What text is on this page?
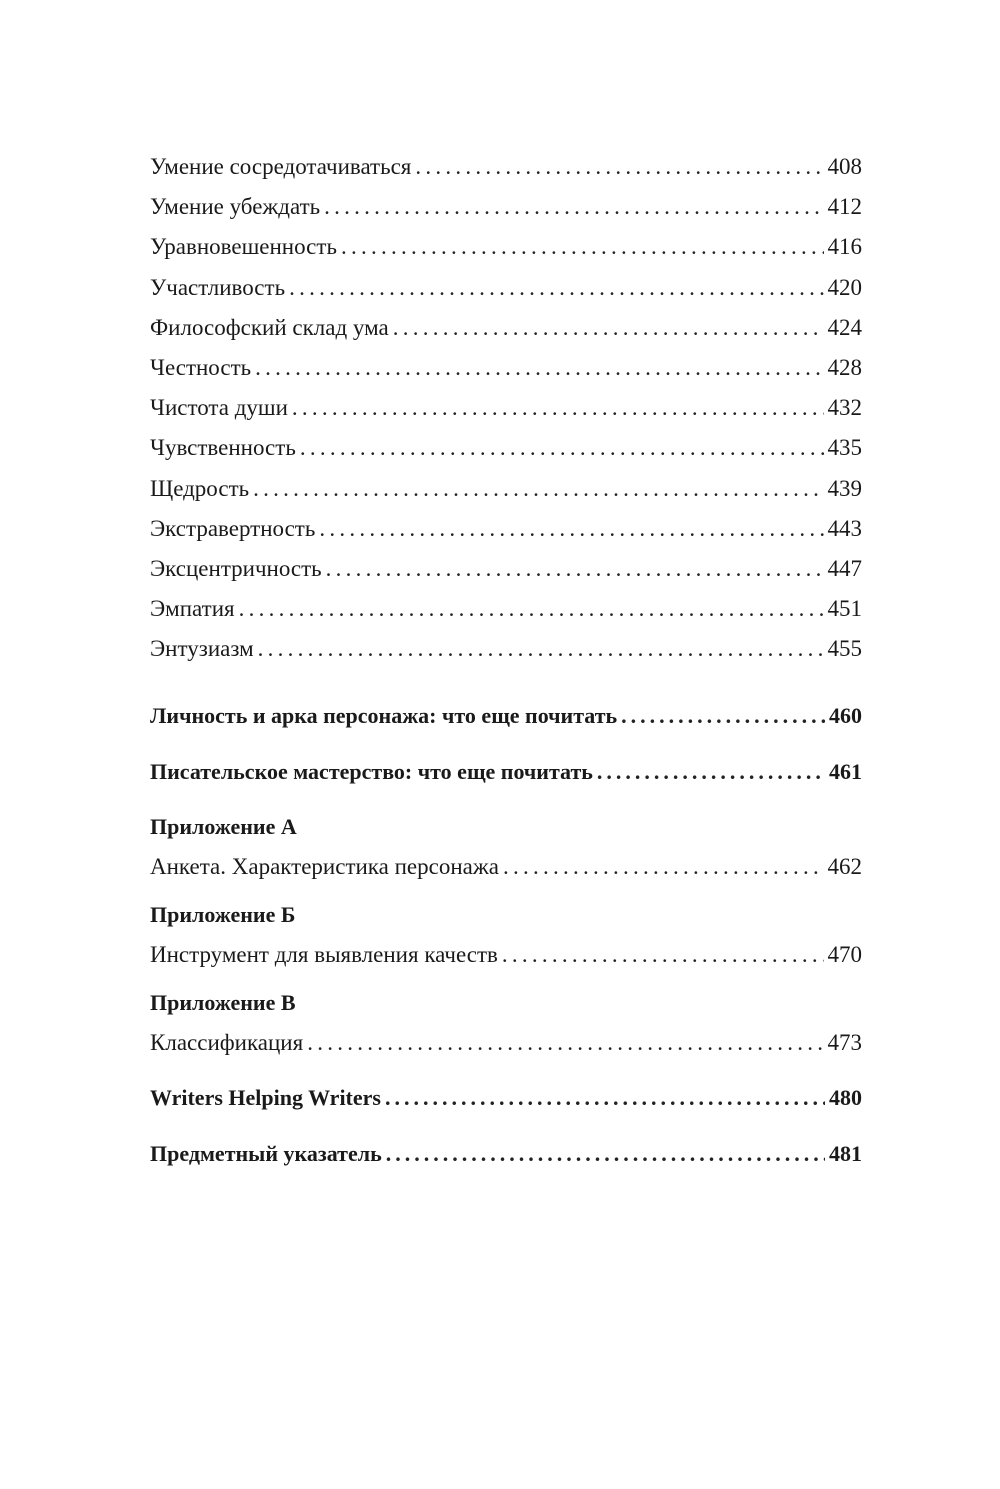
Умение сосредотачиваться . . .	408
Умение убеждать . . .	412
Уравновешенность . . .	416
Участливость . . .	420
Философский склад ума . . .	424
Честность . . .	428
Чистота души . . .	432
Чувственность . . .	435
Щедрость . . .	439
Экстравертность . . .	443
Эксцентричность . . .	447
Эмпатия . . .	451
Энтузиазм . . .	455
Личность и арка персонажа: что еще почитать . . .	460
Писательское мастерство: что еще почитать . . .	461
Приложение А
Анкета. Характеристика персонажа . . .	462
Приложение Б
Инструмент для выявления качеств . . .	470
Приложение В
Классификация . . .	473
Writers Helping Writers . . .	480
Предметный указатель . . .	481
